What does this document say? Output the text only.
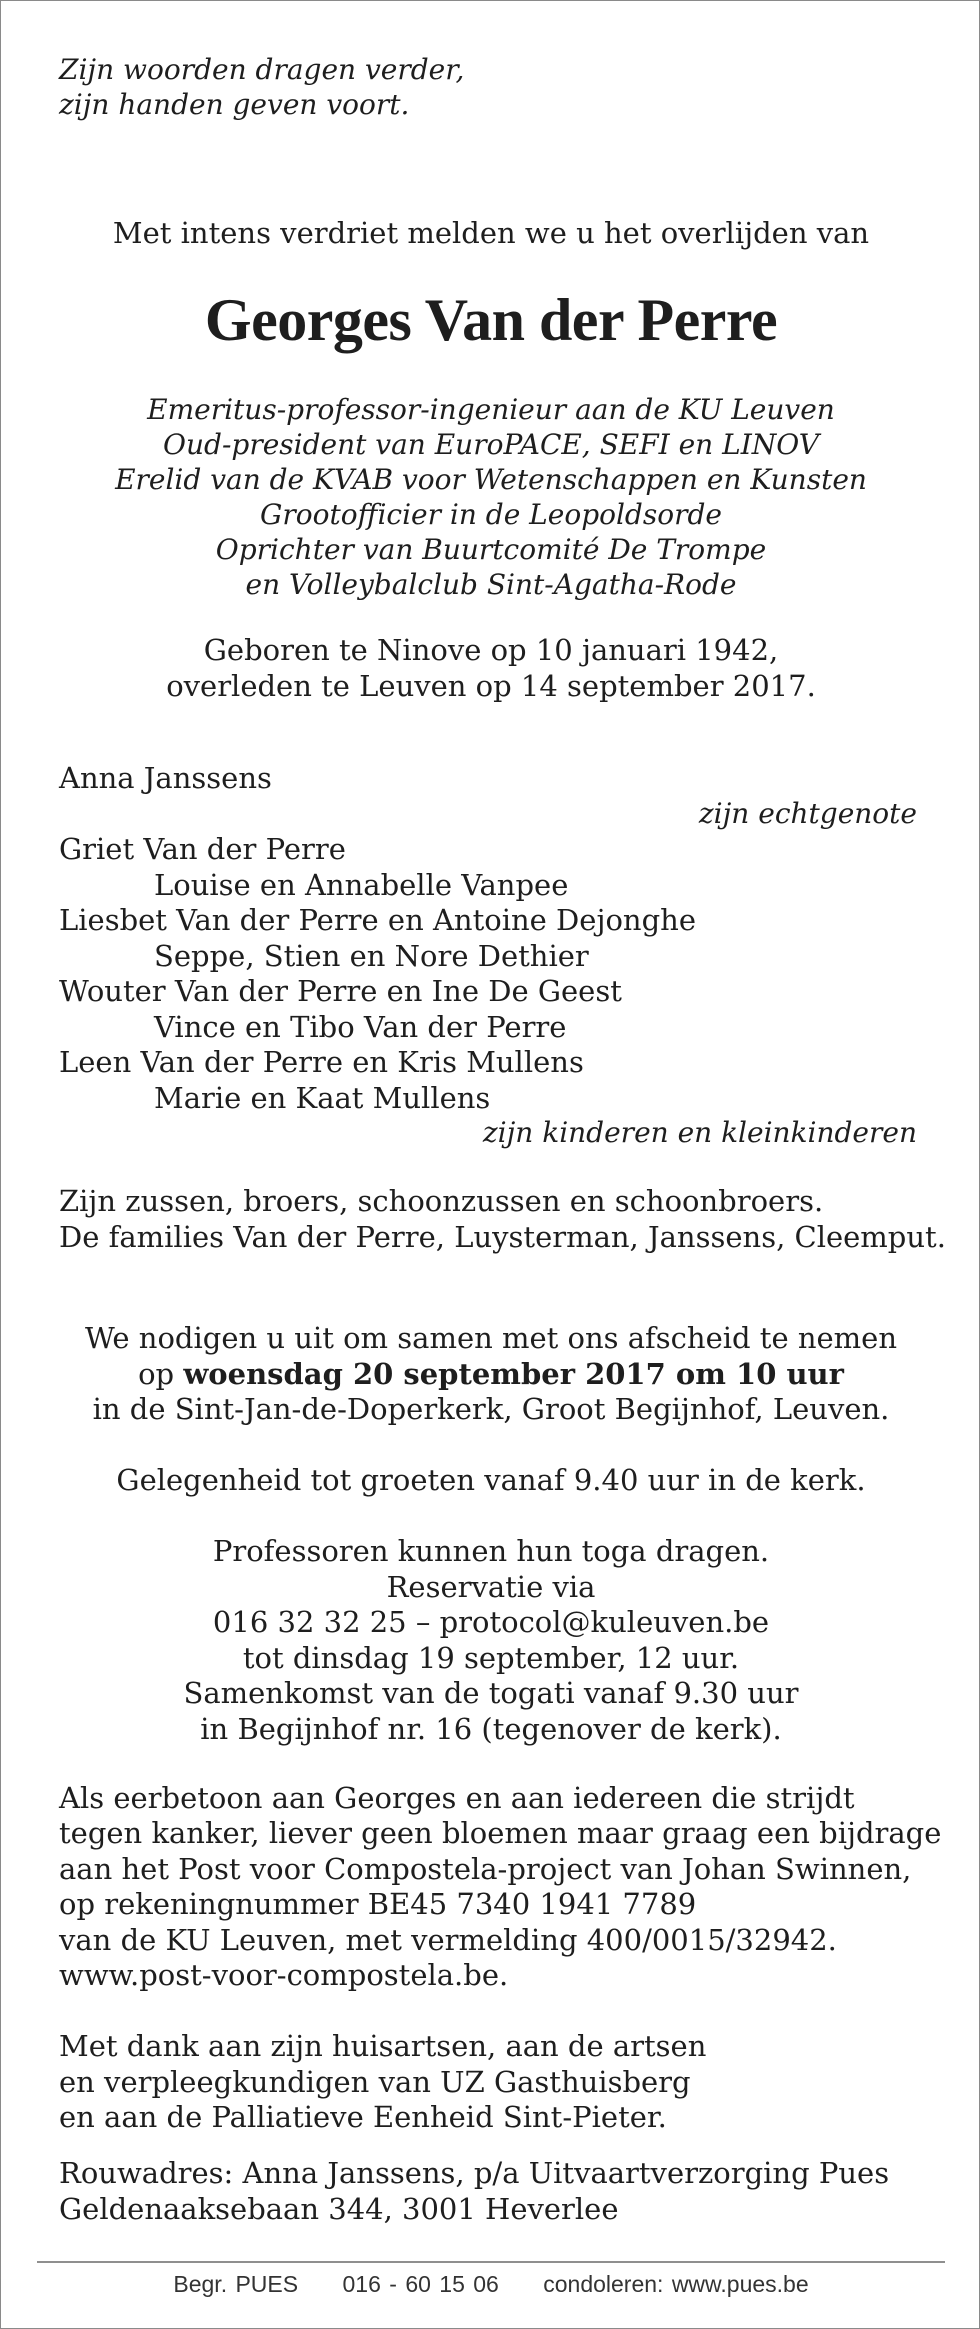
Zijn woorden dragen verder,
zijn handen geven voort.
Met intens verdriet melden we u het overlijden van
Georges Van der Perre
Emeritus-professor-ingenieur aan de KU Leuven
Oud-president van EuroPACE, SEFI en LINOV
Erelid van de KVAB voor Wetenschappen en Kunsten
Grootofficier in de Leopoldsorde
Oprichter van Buurtcomité De Trompe
en Volleybalclub Sint-Agatha-Rode
Geboren te Ninove op 10 januari 1942,
overleden te Leuven op 14 september 2017.
Anna Janssens
zijn echtgenote
Griet Van der Perre
Louise en Annabelle Vanpee
Liesbet Van der Perre en Antoine Dejonghe
Seppe, Stien en Nore Dethier
Wouter Van der Perre en Ine De Geest
Vince en Tibo Van der Perre
Leen Van der Perre en Kris Mullens
Marie en Kaat Mullens
zijn kinderen en kleinkinderen
Zijn zussen, broers, schoonzussen en schoonbroers.
De families Van der Perre, Luysterman, Janssens, Cleemput.
We nodigen u uit om samen met ons afscheid te nemen
op woensdag 20 september 2017 om 10 uur
in de Sint-Jan-de-Doperkerk, Groot Begijnhof, Leuven.
Gelegenheid tot groeten vanaf 9.40 uur in de kerk.
Professoren kunnen hun toga dragen.
Reservatie via
016 32 32 25 – protocol@kuleuven.be
tot dinsdag 19 september, 12 uur.
Samenkomst van de togati vanaf 9.30 uur
in Begijnhof nr. 16 (tegenover de kerk).
Als eerbetoon aan Georges en aan iedereen die strijdt
tegen kanker, liever geen bloemen maar graag een bijdrage
aan het Post voor Compostela-project van Johan Swinnen,
op rekeningnummer BE45 7340 1941 7789
van de KU Leuven, met vermelding 400/0015/32942.
www.post-voor-compostela.be.
Met dank aan zijn huisartsen, aan de artsen
en verpleegkundigen van UZ Gasthuisberg
en aan de Palliatieve Eenheid Sint-Pieter.
Rouwadres: Anna Janssens, p/a Uitvaartverzorging Pues
Geldenaaksebaan 344, 3001 Heverlee
Begr. PUES 016 - 60 15 06 condoleren: www.pues.be
